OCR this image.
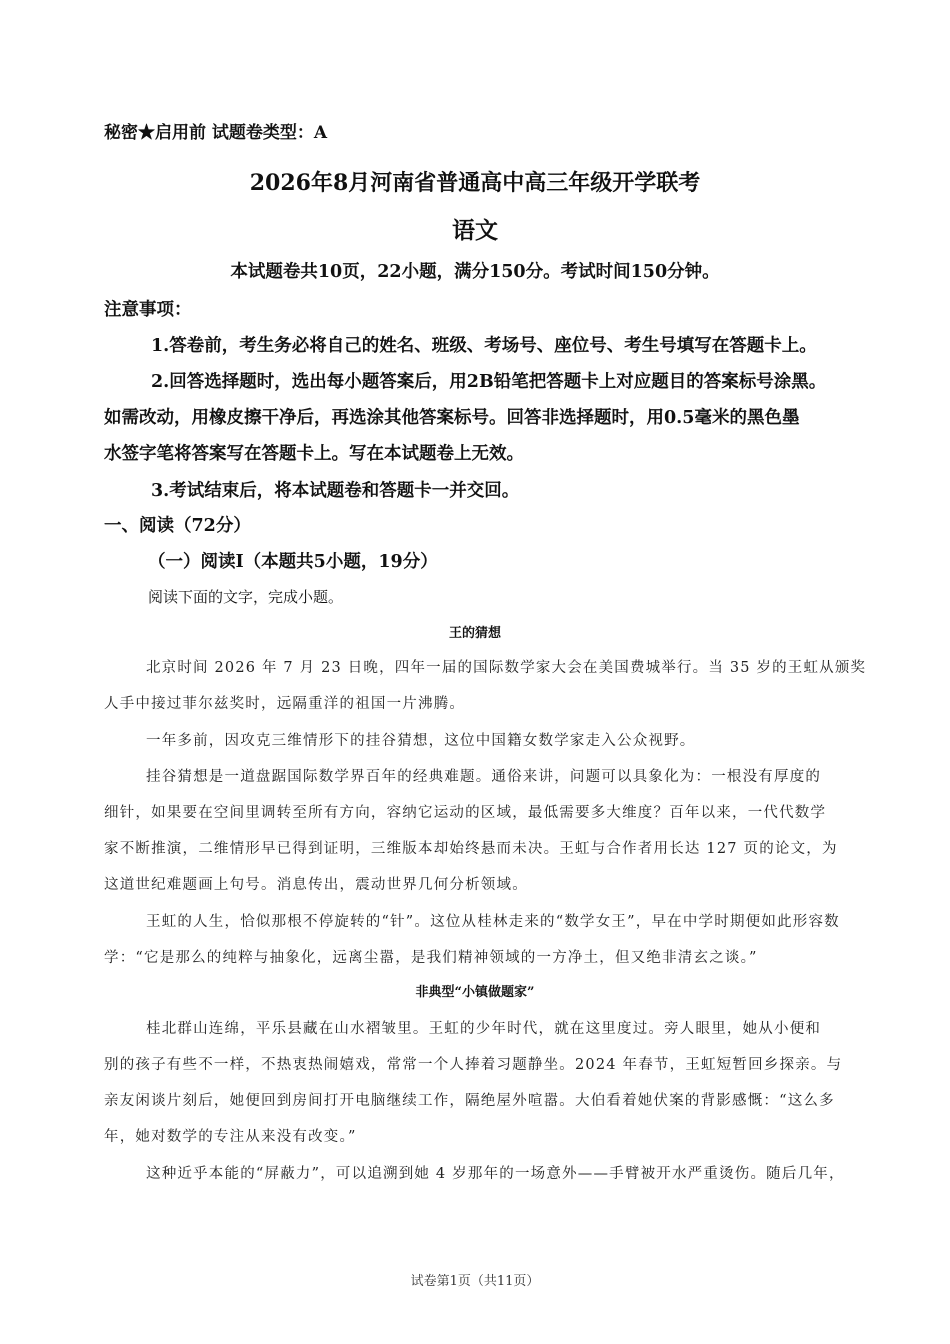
秘密★启用前 试题卷类型：A
2026年8月河南省普通高中高三年级开学联考
语文
本试题卷共10页，22小题，满分150分。考试时间150分钟。
注意事项：
1.答卷前，考生务必将自己的姓名、班级、考场号、座位号、考生号填写在答题卡上。
2.回答选择题时，选出每小题答案后，用2B铅笔把答题卡上对应题目的答案标号涂黑。
如需改动，用橡皮擦干净后，再选涂其他答案标号。回答非选择题时，用0.5毫米的黑色墨
水签字笔将答案写在答题卡上。写在本试题卷上无效。
3.考试结束后，将本试题卷和答题卡一并交回。
一、阅读（72分）
（一）阅读I（本题共5小题，19分）
阅读下面的文字，完成小题。
王的猜想
北京时间 2026 年 7 月 23 日晚，四年一届的国际数学家大会在美国费城举行。当 35 岁的王虹从颁奖
人手中接过菲尔兹奖时，远隔重洋的祖国一片沸腾。
一年多前，因攻克三维情形下的挂谷猜想，这位中国籍女数学家走入公众视野。
挂谷猜想是一道盘踞国际数学界百年的经典难题。通俗来讲，问题可以具象化为：一根没有厚度的
细针，如果要在空间里调转至所有方向，容纳它运动的区域，最低需要多大维度？百年以来，一代代数学
家不断推演，二维情形早已得到证明，三维版本却始终悬而未决。王虹与合作者用长达 127 页的论文，为
这道世纪难题画上句号。消息传出，震动世界几何分析领域。
王虹的人生，恰似那根不停旋转的“针”。这位从桂林走来的“数学女王”，早在中学时期便如此形容数
学：“它是那么的纯粹与抽象化，远离尘嚣，是我们精神领域的一方净土，但又绝非清玄之谈。”
非典型“小镇做题家”
桂北群山连绵，平乐县藏在山水褶皱里。王虹的少年时代，就在这里度过。旁人眼里，她从小便和
别的孩子有些不一样，不热衷热闹嬉戏，常常一个人捧着习题静坐。2024 年春节，王虹短暂回乡探亲。与
亲友闲谈片刻后，她便回到房间打开电脑继续工作，隔绝屋外喧嚣。大伯看着她伏案的背影感慨：“这么多
年，她对数学的专注从来没有改变。”
这种近乎本能的“屏蔽力”，可以追溯到她 4 岁那年的一场意外——手臂被开水严重烫伤。随后几年，
试卷第1页（共11页）
